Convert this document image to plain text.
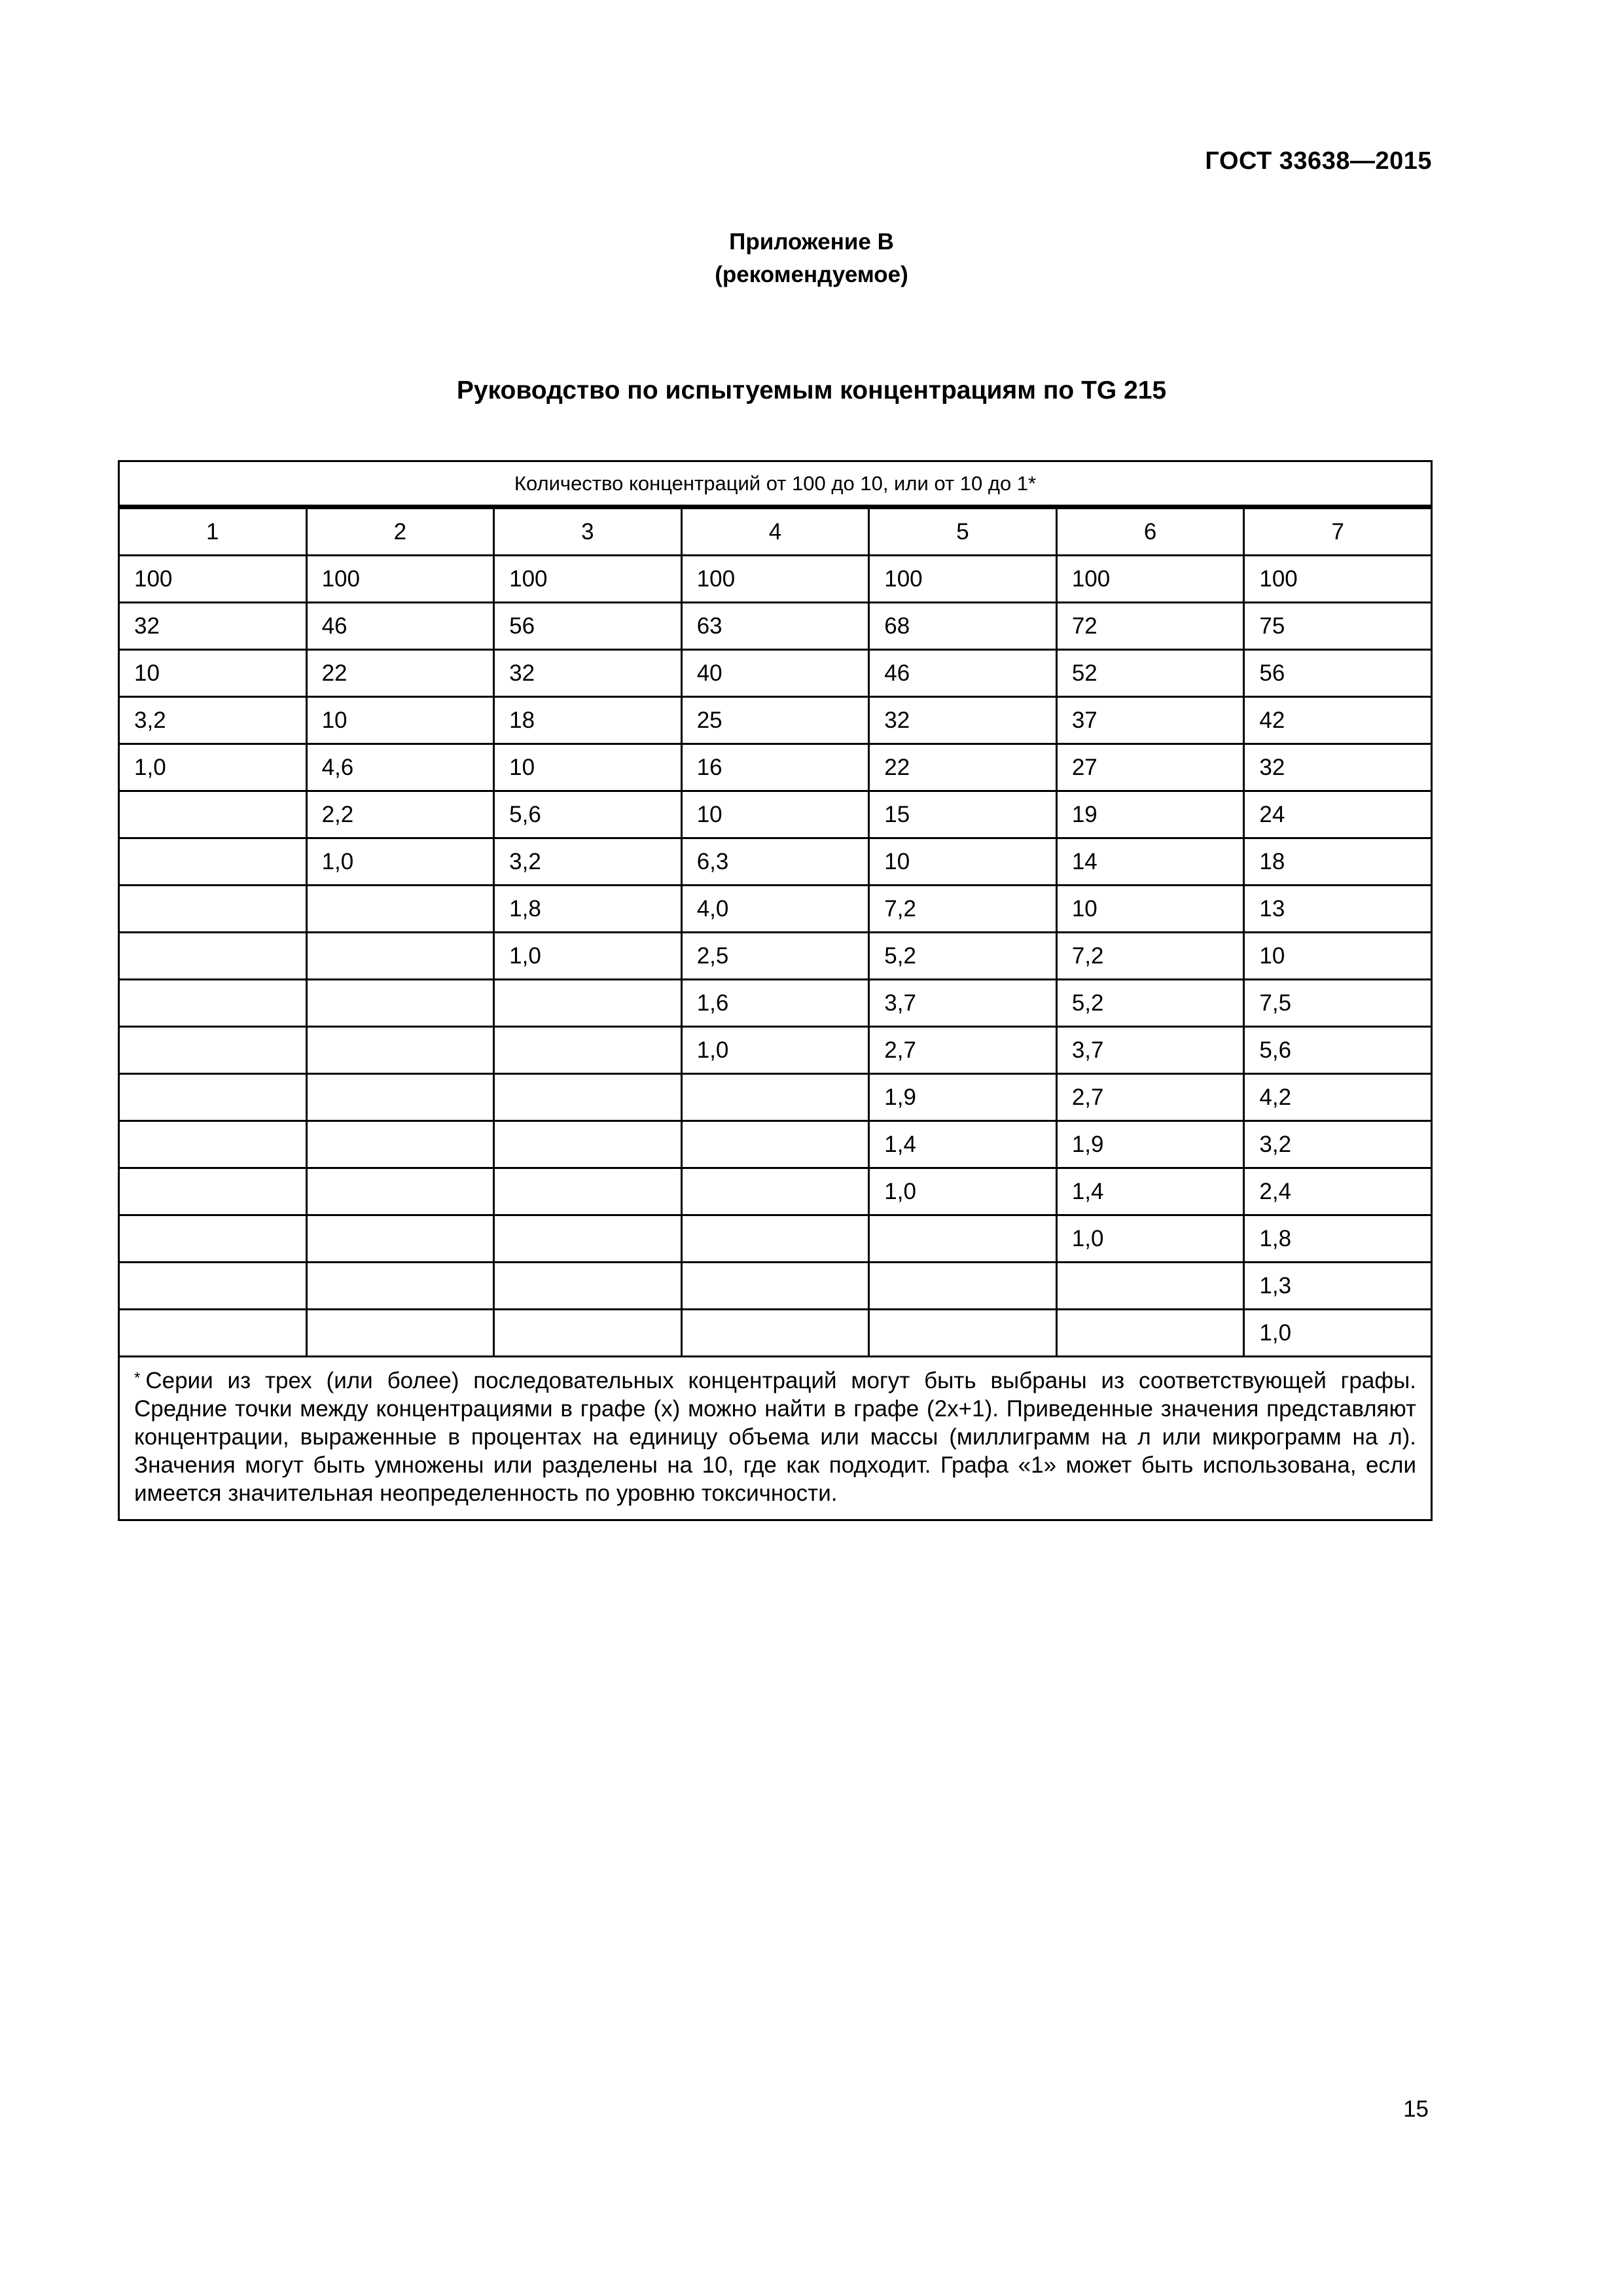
ГОСТ 33638—2015
Приложение В
(рекомендуемое)
Руководство по испытуемым концентрациям по TG 215
Количество концентраций от 100 до 10, или от 10 до 1*						
1	2	3	4	5	6	7
100	100	100	100	100	100	100
32	46	56	63	68	72	75
10	22	32	40	46	52	56
3,2	10	18	25	32	37	42
1,0	4,6	10	16	22	27	32
	2,2	5,6	10	15	19	24
	1,0	3,2	6,3	10	14	18
		1,8	4,0	7,2	10	13
		1,0	2,5	5,2	7,2	10
			1,6	3,7	5,2	7,5
			1,0	2,7	3,7	5,6
				1,9	2,7	4,2
				1,4	1,9	3,2
				1,0	1,4	2,4
					1,0	1,8
						1,3
						1,0
* Серии из трех (или более) последовательных концентраций могут быть выбраны из соответствующей графы. Средние точки между концентрациями в графе (x) можно найти в графе (2x+1). Приведенные значения представляют концентрации, выраженные в процентах на единицу объема или массы (миллиграмм на л или микрограмм на л). Значения могут быть умножены или разделены на 10, где как подходит. Графа «1» может быть использована, если имеется значительная неопределенность по уровню токсичности.						
15
